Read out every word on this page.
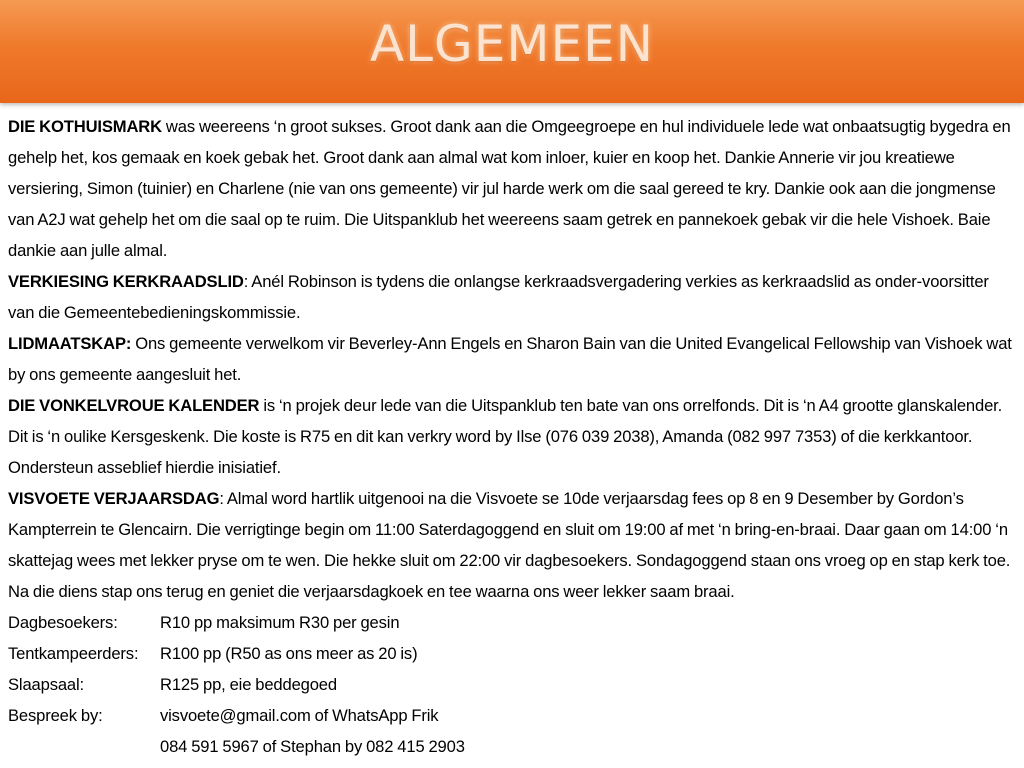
ALGEMEEN

DIE KOTHUISMARK was weereens ‘n groot sukses. Groot dank aan die Omgeegroepe en hul individuele lede wat onbaatsugtig bygedra en gehelp het, kos gemaak en koek gebak het. Groot dank aan almal wat kom inloer, kuier en koop het. Dankie Annerie vir jou kreatiewe versiering, Simon (tuinier) en Charlene (nie van ons gemeente) vir jul harde werk om die saal gereed te kry. Dankie ook aan die jongmense van A2J wat gehelp het om die saal op te ruim. Die Uitspanklub het weereens saam getrek en pannekoek gebak vir die hele Vishoek. Baie dankie aan julle almal.

VERKIESING KERKRAADSLID: Anél Robinson is tydens die onlangse kerkraadsvergadering verkies as kerkraadslid as onder-voorsitter van die Gemeentebedieningskommissie.

LIDMAATSKAP: Ons gemeente verwelkom vir Beverley-Ann Engels en Sharon Bain van die United Evangelical Fellowship van Vishoek wat by ons gemeente aangesluit het.

DIE VONKELVROUE KALENDER is ‘n projek deur lede van die Uitspanklub ten bate van ons orrelfonds. Dit is ‘n A4 grootte glanskalender. Dit is ‘n oulike Kersgeskenk. Die koste is R75 en dit kan verkry word by Ilse (076 039 2038), Amanda (082 997 7353) of die kerkkantoor. Ondersteun asseblief hierdie inisiatief.

VISVOETE VERJAARSDAG: Almal word hartlik uitgenooi na die Visvoete se 10de verjaarsdag fees op 8 en 9 Desember by Gordon’s Kampterrein te Glencairn. Die verrigtinge begin om 11:00 Saterdagoggend en sluit om 19:00 af met ‘n bring-en-braai. Daar gaan om 14:00 ‘n skattejag wees met lekker pryse om te wen. Die hekke sluit om 22:00 vir dagbesoekers. Sondagoggend staan ons vroeg op en stap kerk toe. Na die diens stap ons terug en geniet die verjaarsdagkoek en tee waarna ons weer lekker saam braai.

Dagbesoekers:	R10 pp maksimum R30 per gesin
Tentkampeerders:	R100 pp (R50 as ons meer as 20 is)
Slaapsaal:	R125 pp, eie beddegoed
Bespreek by:	visvoete@gmail.com of WhatsApp Frik
084 591 5967 of Stephan by 082 415 2903
